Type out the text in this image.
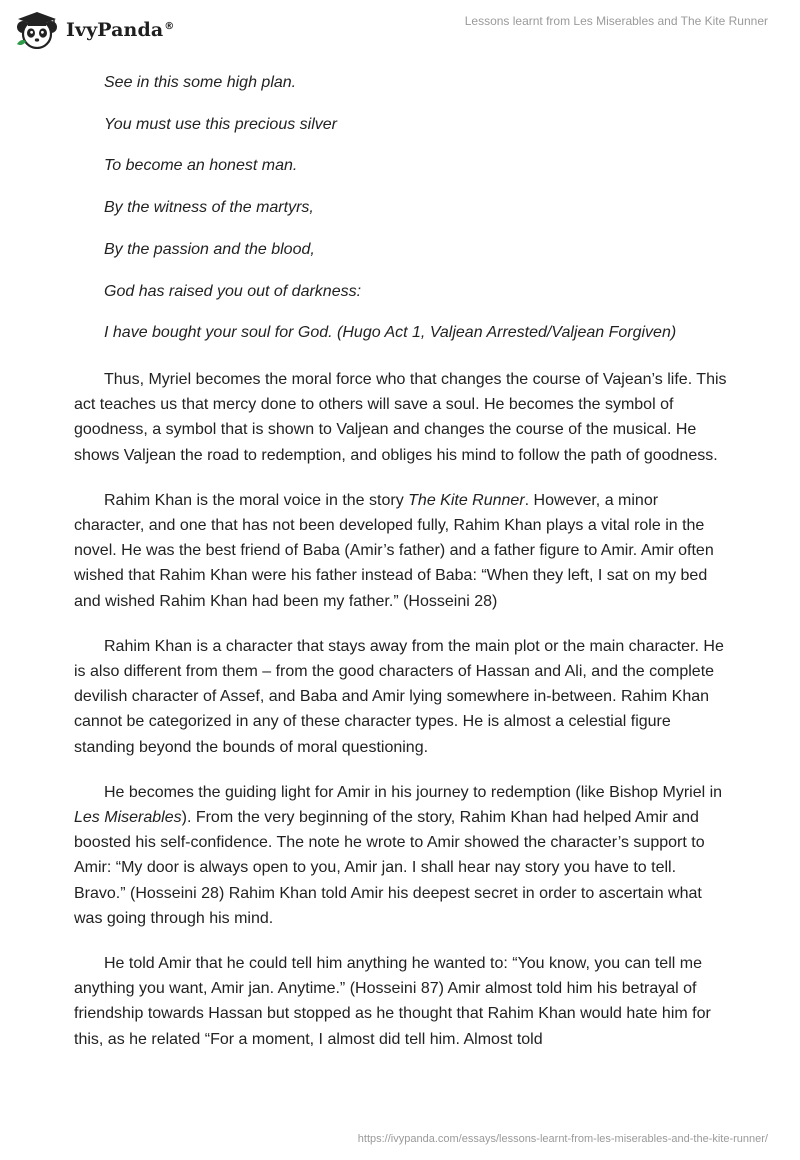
IvyPanda®	Lessons learnt from Les Miserables and The Kite Runner

See in this some high plan.

You must use this precious silver

To become an honest man.

By the witness of the martyrs,

By the passion and the blood,

God has raised you out of darkness:

I have bought your soul for God. (Hugo Act 1, Valjean Arrested/Valjean Forgiven)

Thus, Myriel becomes the moral force who that changes the course of Vajean’s life. This act teaches us that mercy done to others will save a soul. He becomes the symbol of goodness, a symbol that is shown to Valjean and changes the course of the musical. He shows Valjean the road to redemption, and obliges his mind to follow the path of goodness.

Rahim Khan is the moral voice in the story The Kite Runner. However, a minor character, and one that has not been developed fully, Rahim Khan plays a vital role in the novel. He was the best friend of Baba (Amir’s father) and a father figure to Amir. Amir often wished that Rahim Khan were his father instead of Baba: “When they left, I sat on my bed and wished Rahim Khan had been my father.” (Hosseini 28)

Rahim Khan is a character that stays away from the main plot or the main character. He is also different from them – from the good characters of Hassan and Ali, and the complete devilish character of Assef, and Baba and Amir lying somewhere in-between. Rahim Khan cannot be categorized in any of these character types. He is almost a celestial figure standing beyond the bounds of moral questioning.

He becomes the guiding light for Amir in his journey to redemption (like Bishop Myriel in Les Miserables). From the very beginning of the story, Rahim Khan had helped Amir and boosted his self-confidence. The note he wrote to Amir showed the character’s support to Amir: “My door is always open to you, Amir jan. I shall hear nay story you have to tell. Bravo.” (Hosseini 28) Rahim Khan told Amir his deepest secret in order to ascertain what was going through his mind.

He told Amir that he could tell him anything he wanted to: “You know, you can tell me anything you want, Amir jan. Anytime.” (Hosseini 87) Amir almost told him his betrayal of friendship towards Hassan but stopped as he thought that Rahim Khan would hate him for this, as he related “For a moment, I almost did tell him. Almost told

https://ivypanda.com/essays/lessons-learnt-from-les-miserables-and-the-kite-runner/
